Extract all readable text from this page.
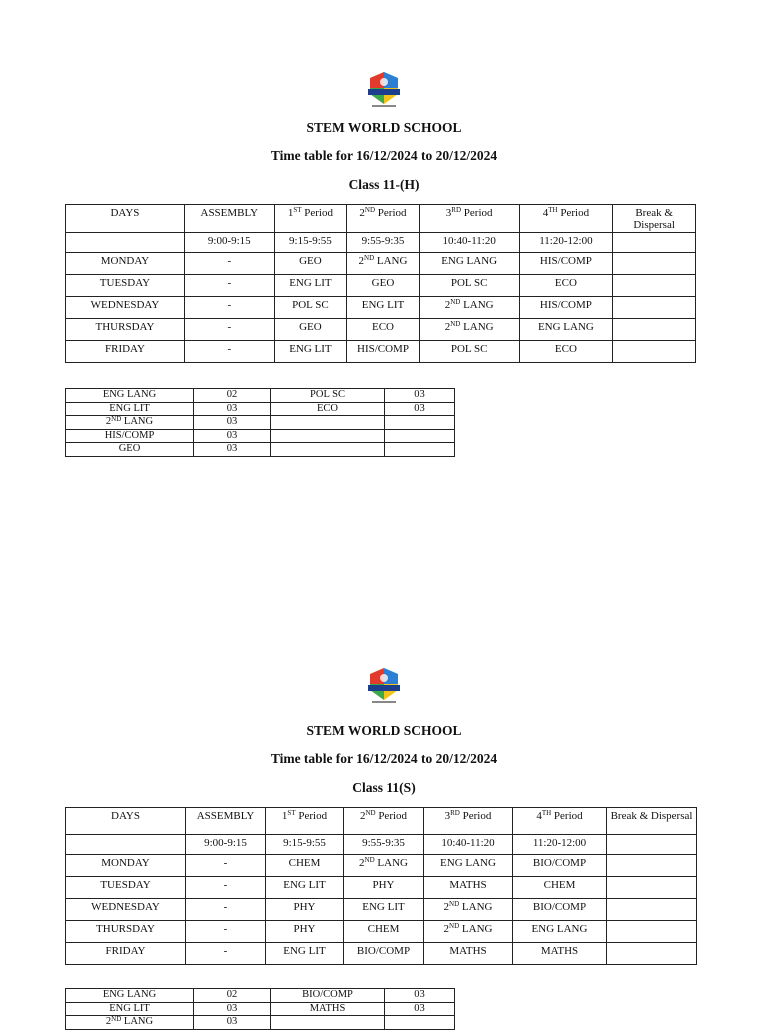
STEM WORLD SCHOOL
Time table for 16/12/2024 to 20/12/2024
Class 11-(H)
DAYS	ASSEMBLY	1ST Period	2ND Period	3RD Period	4TH Period	Break & Dispersal
	9:00-9:15	9:15-9:55	9:55-9:35	10:40-11:20	11:20-12:00	
MONDAY	-	GEO	2ND LANG	ENG LANG	HIS/COMP	
TUESDAY	-	ENG LIT	GEO	POL SC	ECO	
WEDNESDAY	-	POL SC	ENG LIT	2ND LANG	HIS/COMP	
THURSDAY	-	GEO	ECO	2ND LANG	ENG LANG	
FRIDAY	-	ENG LIT	HIS/COMP	POL SC	ECO	
ENG LANG	02	POL SC	03
ENG LIT	03	ECO	03
2ND LANG	03		
HIS/COMP	03		
GEO	03		
STEM WORLD SCHOOL
Time table for 16/12/2024 to 20/12/2024
Class 11(S)
DAYS	ASSEMBLY	1ST Period	2ND Period	3RD Period	4TH Period	Break & Dispersal
	9:00-9:15	9:15-9:55	9:55-9:35	10:40-11:20	11:20-12:00	
MONDAY	-	CHEM	2ND LANG	ENG LANG	BIO/COMP	
TUESDAY	-	ENG LIT	PHY	MATHS	CHEM	
WEDNESDAY	-	PHY	ENG LIT	2ND LANG	BIO/COMP	
THURSDAY	-	PHY	CHEM	2ND LANG	ENG LANG	
FRIDAY	-	ENG LIT	BIO/COMP	MATHS	MATHS	
ENG LANG	02	BIO/COMP	03
ENG LIT	03	MATHS	03
2ND LANG	03		
